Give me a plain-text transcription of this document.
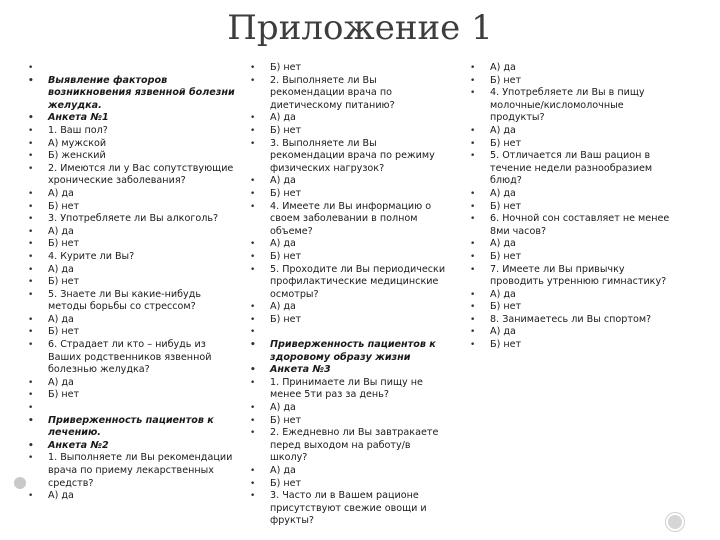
Приложение 1
•
• Выявление факторов возникновения язвенной болезни желудка.
• Анкета №1
• 1. Ваш пол?
• А) мужской
• Б) женский
• 2. Имеются ли у Вас сопутствующие хронические заболевания?
• А) да
• Б) нет
• 3. Употребляете ли Вы алкоголь?
• А) да
• Б) нет
• 4. Курите ли Вы?
• А) да
• Б) нет
• 5. Знаете ли Вы какие-нибудь методы борьбы со стрессом?
• А) да
• Б) нет
• 6. Страдает ли кто – нибудь из Ваших родственников язвенной болезнью желудка?
• А) да
• Б) нет
•
• Приверженность пациентов к лечению.
• Анкета №2
• 1. Выполняете ли Вы рекомендации врача по приему лекарственных средств?
• А) да
• Б) нет
• 2. Выполняете ли Вы рекомендации врача по диетическому питанию?
• А) да
• Б) нет
• 3. Выполняете ли Вы рекомендации врача по режиму физических нагрузок?
• А) да
• Б) нет
• 4. Имеете ли Вы информацию о своем заболевании в полном объеме?
• А) да
• Б) нет
• 5. Проходите ли Вы периодически профилактические медицинские осмотры?
• А) да
• Б) нет
•
• Приверженность пациентов к здоровому образу жизни
• Анкета №3
• 1. Принимаете ли Вы пищу не менее 5ти раз за день?
• А) да
• Б) нет
• 2. Ежедневно ли Вы завтракаете перед выходом на работу/в школу?
• А) да
• Б) нет
• 3. Часто ли в Вашем рационе присутствуют свежие овощи и фрукты?
• А) да
• Б) нет
• 4. Употребляете ли Вы в пищу молочные/кисломолочные продукты?
• А) да
• Б) нет
• 5. Отличается ли Ваш рацион в течение недели разнообразием блюд?
• А) да
• Б) нет
• 6. Ночной сон составляет не менее 8ми часов?
• А) да
• Б) нет
• 7. Имеете ли Вы привычку проводить утреннюю гимнастику?
• А) да
• Б) нет
• 8. Занимаетесь ли Вы спортом?
• А) да
• Б) нет
